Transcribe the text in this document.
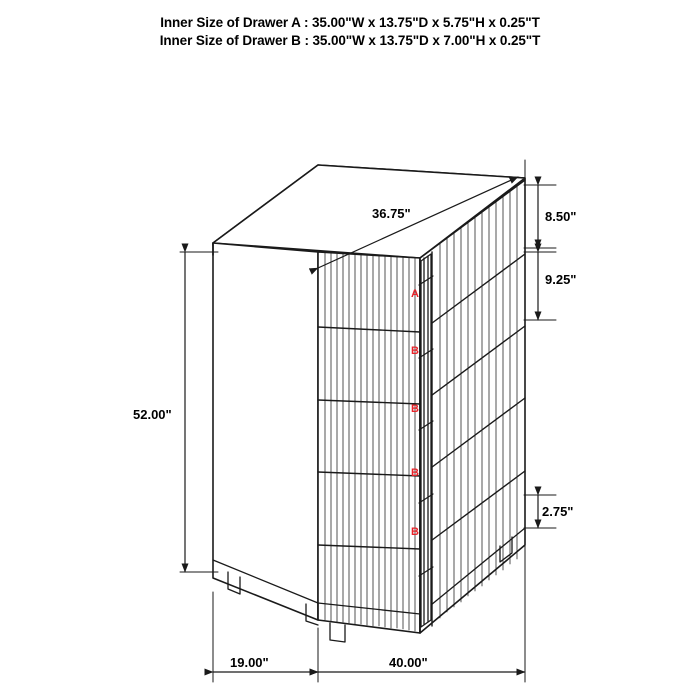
Inner Size of Drawer A : 35.00"W x 13.75"D x 5.75"H x 0.25"T
Inner Size of Drawer B : 35.00"W x 13.75"D x 7.00"H x 0.25"T
36.75"
52.00"
8.50"
9.25"
2.75"
19.00"	40.00"
A
B
B
B
B
